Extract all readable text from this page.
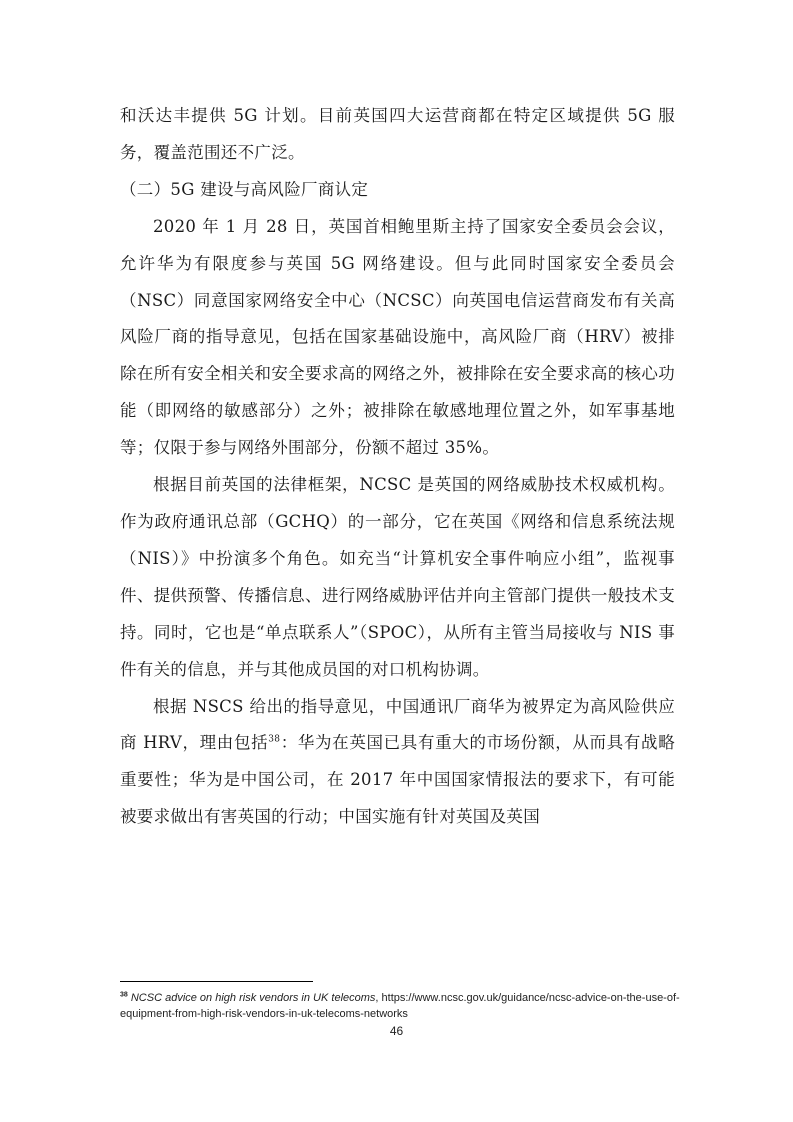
和沃达丰提供 5G 计划。目前英国四大运营商都在特定区域提供 5G 服务，覆盖范围还不广泛。

（二）5G 建设与高风险厂商认定

2020 年 1 月 28 日，英国首相鲍里斯主持了国家安全委员会会议，允许华为有限度参与英国 5G 网络建设。但与此同时国家安全委员会（NSC）同意国家网络安全中心（NCSC）向英国电信运营商发布有关高风险厂商的指导意见，包括在国家基础设施中，高风险厂商（HRV）被排除在所有安全相关和安全要求高的网络之外，被排除在安全要求高的核心功能（即网络的敏感部分）之外；被排除在敏感地理位置之外，如军事基地等；仅限于参与网络外围部分，份额不超过 35%。

根据目前英国的法律框架，NCSC 是英国的网络威胁技术权威机构。作为政府通讯总部（GCHQ）的一部分，它在英国《网络和信息系统法规（NIS）》中扮演多个角色。如充当“计算机安全事件响应小组”，监视事件、提供预警、传播信息、进行网络威胁评估并向主管部门提供一般技术支持。同时，它也是“单点联系人”（SPOC），从所有主管当局接收与 NIS 事件有关的信息，并与其他成员国的对口机构协调。

根据 NSCS 给出的指导意见，中国通讯厂商华为被界定为高风险供应商 HRV，理由包括$^{38}$：华为在英国已具有重大的市场份额，从而具有战略重要性；华为是中国公司，在 2017 年中国国家情报法的要求下，有可能被要求做出有害英国的行动；中国实施有针对英国及英国

$^{38}$ NCSC advice on high risk vendors in UK telecoms, https://www.ncsc.gov.uk/guidance/ncsc-advice-on-the-use-of-equipment-from-high-risk-vendors-in-uk-telecoms-networks
46
